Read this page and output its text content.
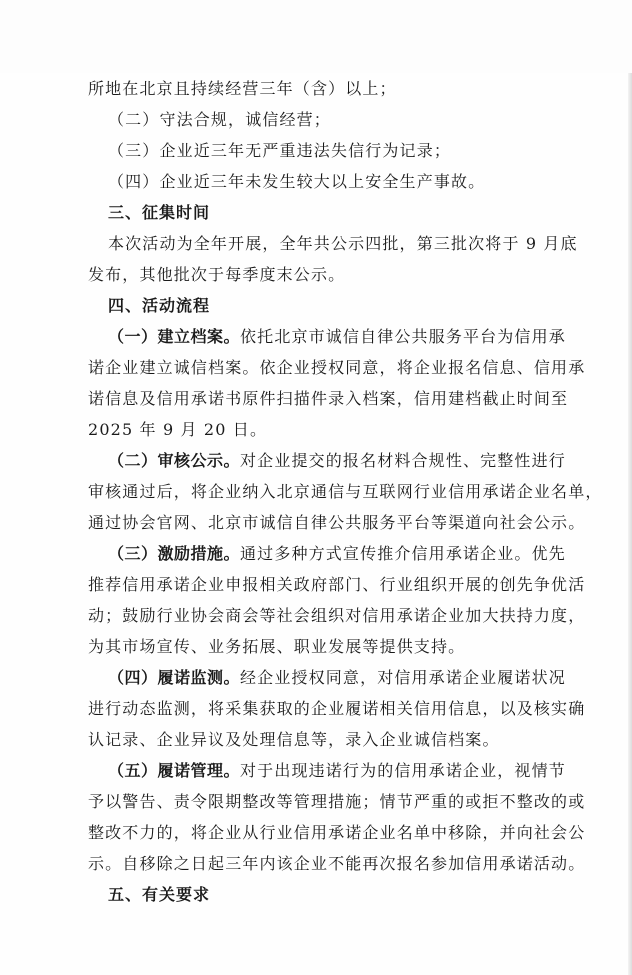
所地在北京且持续经营三年（含）以上；
（二）守法合规，诚信经营；
（三）企业近三年无严重违法失信行为记录；
（四）企业近三年未发生较大以上安全生产事故。
三、征集时间
本次活动为全年开展，全年共公示四批，第三批次将于 9 月底
发布，其他批次于每季度末公示。
四、活动流程
（一）建立档案。依托北京市诚信自律公共服务平台为信用承
诺企业建立诚信档案。依企业授权同意，将企业报名信息、信用承
诺信息及信用承诺书原件扫描件录入档案，信用建档截止时间至
2025 年 9 月 20 日。
（二）审核公示。对企业提交的报名材料合规性、完整性进行
审核通过后，将企业纳入北京通信与互联网行业信用承诺企业名单，
通过协会官网、北京市诚信自律公共服务平台等渠道向社会公示。
（三）激励措施。通过多种方式宣传推介信用承诺企业。优先
推荐信用承诺企业申报相关政府部门、行业组织开展的创先争优活
动；鼓励行业协会商会等社会组织对信用承诺企业加大扶持力度，
为其市场宣传、业务拓展、职业发展等提供支持。
（四）履诺监测。经企业授权同意，对信用承诺企业履诺状况
进行动态监测，将采集获取的企业履诺相关信用信息，以及核实确
认记录、企业异议及处理信息等，录入企业诚信档案。
（五）履诺管理。对于出现违诺行为的信用承诺企业，视情节
予以警告、责令限期整改等管理措施；情节严重的或拒不整改的或
整改不力的，将企业从行业信用承诺企业名单中移除，并向社会公
示。自移除之日起三年内该企业不能再次报名参加信用承诺活动。
五、有关要求
